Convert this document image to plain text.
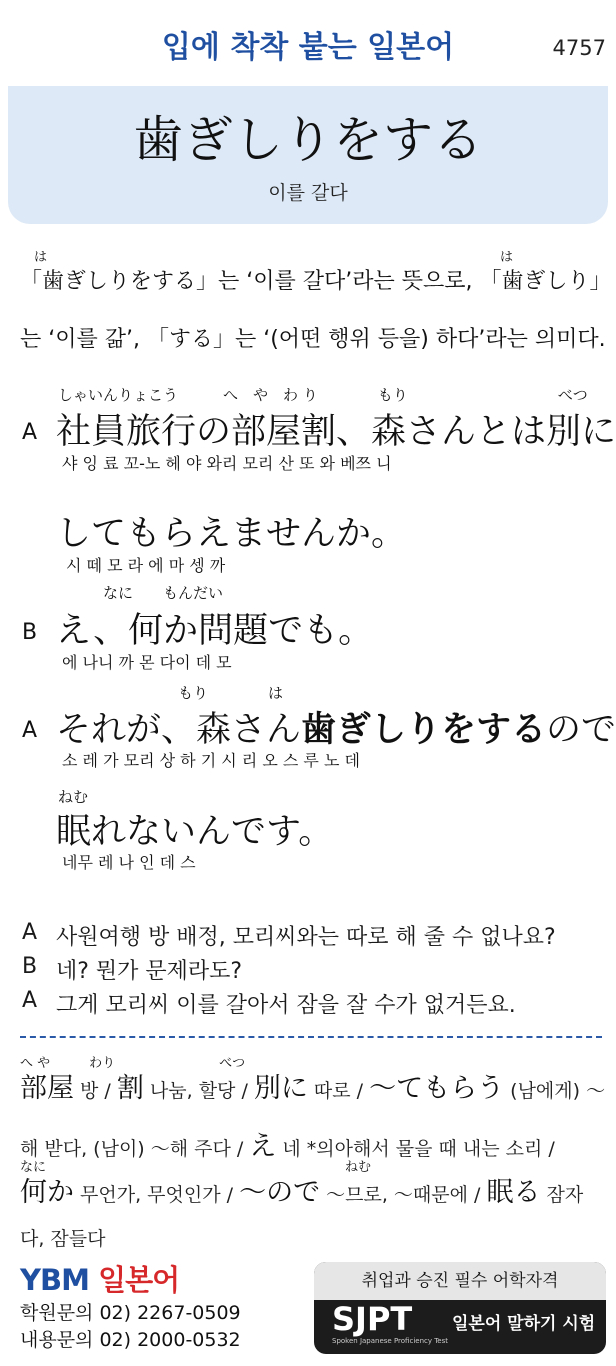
입에 착착 붙는 일본어	4757
歯ぎしりをする
이를 갈다
は	は
「歯ぎしりをする」는 ‘이를 갈다’라는 뜻으로, 「歯ぎしり」
는 ‘이를 갊’, 「する」는 ‘(어떤 행위 등을) 하다’라는 의미다.
しゃいんりょこう　　　へ　や　わ り　　　　もり　　　　　　　　　　べつ
A 社員旅行の部屋割、森さんとは別に
샤 잉 료 꼬-노 헤 야 와리 모리 산 또 와 베쯔 니
してもらえませんか。
시 떼 모 라 에 마 셍 까
　　　なに　　もんだい
B え、何か問題でも。
에 나니 까 몬 다이 데 모
　　　　　　　　もり　　　　は
A それが、森さん歯ぎしりをするので
소 레 가 모리 상 하 기 시 리 오 스 루 노 데
ねむ
眠れないんです。
네무 레 나 인 데 스
A 사원여행 방 배정, 모리씨와는 따로 해 줄 수 없나요?
B 네? 뭔가 문제라도?
A 그게 모리씨 이를 갈아서 잠을 잘 수가 없거든요.
へ や　　　わり　　　　　　　　べつ
部屋 방 / 割 나눔, 할당 / 別に 따로 / ～てもらう (남에게) ～
해 받다, (남이) ～해 주다 / え 네 *의아해서 물을 때 내는 소리 /
なに　　　　　　　　　　　　　　　　　　　　　　　ねむ
何か 무언가, 무엇인가 / ～ので ～므로, ～때문에 / 眠る 잠자
다, 잠들다
YBM 일본어
학원문의 02) 2267-0509
내용문의 02) 2000-0532
취업과 승진 필수 어학자격
SJPT
Spoken Japanese Proficiency Test
일본어 말하기 시험
